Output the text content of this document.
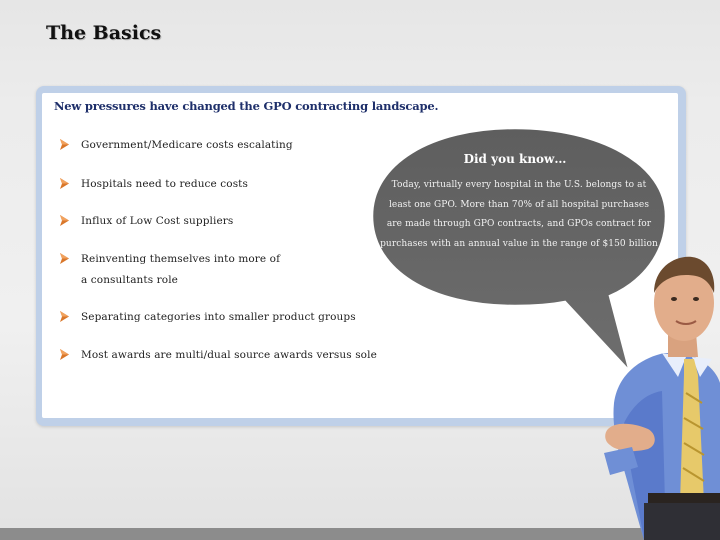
The Basics

New pressures have changed the GPO contracting landscape.

Government/Medicare costs escalating
Hospitals need to reduce costs
Influx of Low Cost suppliers
Reinventing themselves into more of
a consultants role
Separating categories into smaller product groups
Most awards are multi/dual source awards versus sole
Did you know…
Today, virtually every hospital in the U.S. belongs to at least one GPO. More than 70% of all hospital purchases are made through GPO contracts, and GPOs contract for purchases with an annual value in the range of $150 billion
